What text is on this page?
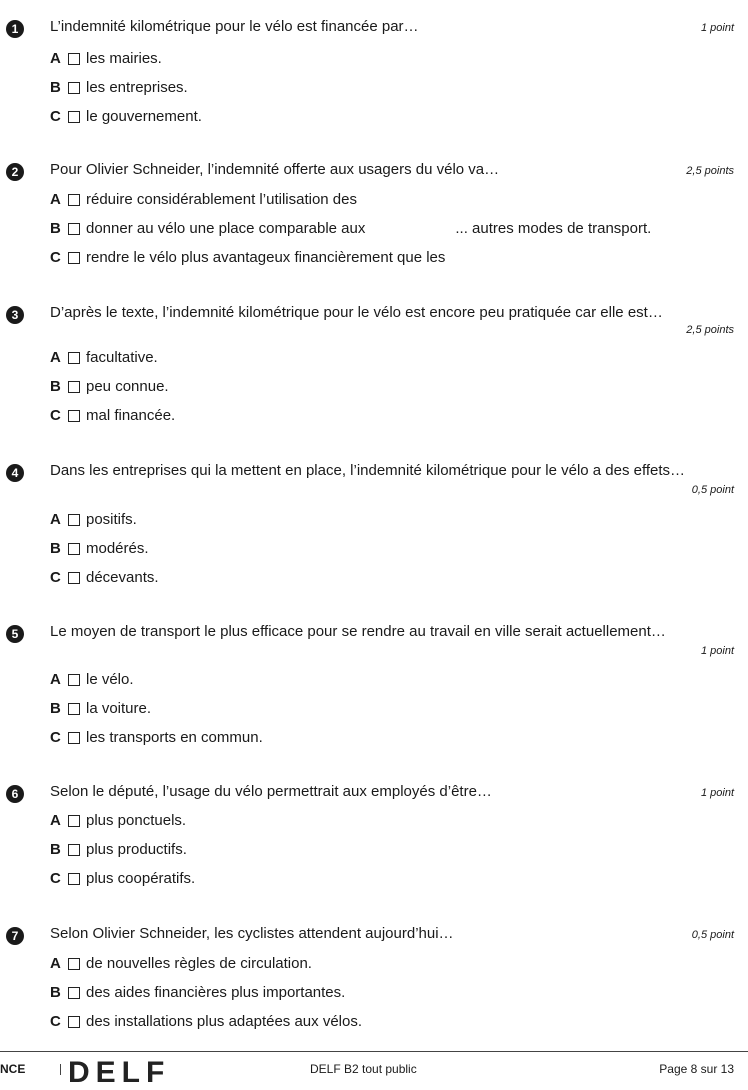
1	L’indemnité kilométrique pour le vélo est financée par…	1 point
A les mairies.
B les entreprises.
C le gouvernement.
2	Pour Olivier Schneider, l’indemnité offerte aux usagers du vélo va…	2,5 points
A réduire considérablement l’utilisation des
B donner au vélo une place comparable aux	... autres modes de transport.
C rendre le vélo plus avantageux financièrement que les
3	D’après le texte, l’indemnité kilométrique pour le vélo est encore peu pratiquée car elle est…
2,5 points
A facultative.
B peu connue.
C mal financée.
4	Dans les entreprises qui la mettent en place, l’indemnité kilométrique pour le vélo a des effets…
0,5 point
A positifs.
B modérés.
C décevants.
5	Le moyen de transport le plus efficace pour se rendre au travail en ville serait actuellement…
1 point
A le vélo.
B la voiture.
C les transports en commun.
6	Selon le député, l’usage du vélo permettrait aux employés d’être…	1 point
A plus ponctuels.
B plus productifs.
C plus coopératifs.
7	Selon Olivier Schneider, les cyclistes attendent aujourd’hui…	0,5 point
A de nouvelles règles de circulation.
B des aides financières plus importantes.
C des installations plus adaptées aux vélos.
NCE DELF	DELF B2 tout public	Page 8 sur 13
